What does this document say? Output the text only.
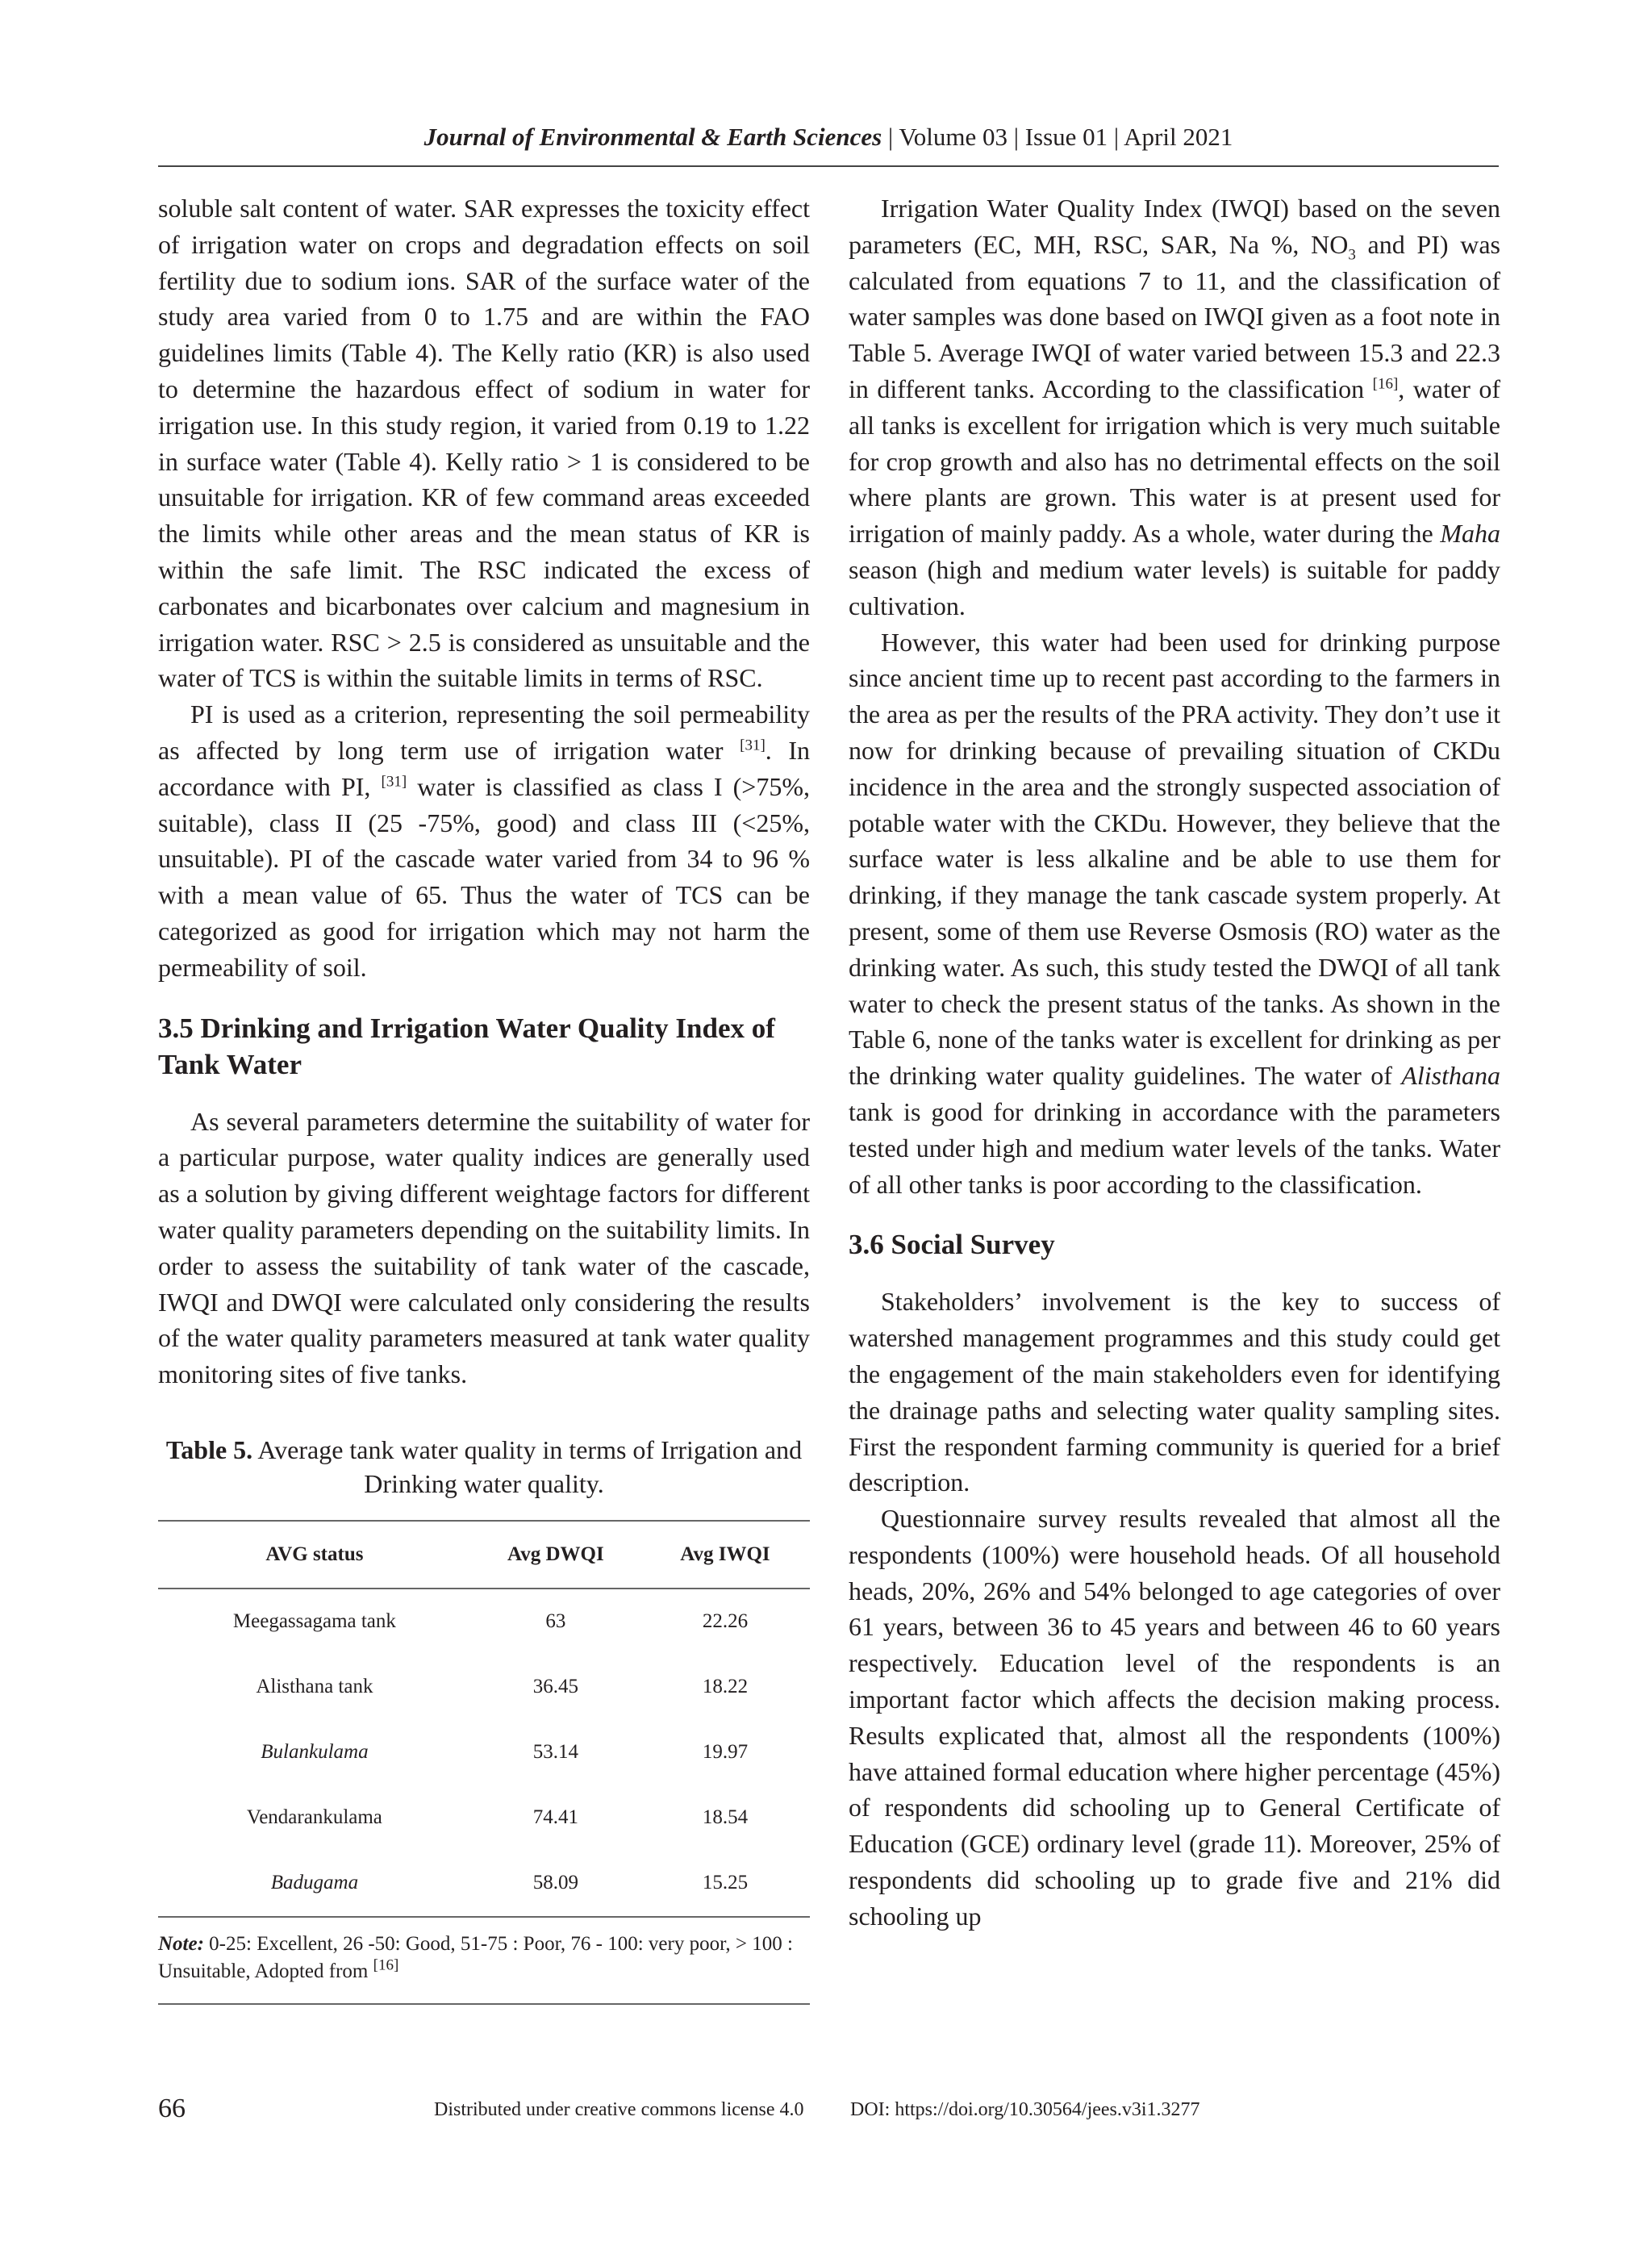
Journal of Environmental & Earth Sciences | Volume 03 | Issue 01 | April 2021

soluble salt content of water. SAR expresses the toxicity effect of irrigation water on crops and degradation effects on soil fertility due to sodium ions. SAR of the surface water of the study area varied from 0 to 1.75 and are within the FAO guidelines limits (Table 4). The Kelly ratio (KR) is also used to determine the hazardous effect of sodium in water for irrigation use. In this study region, it varied from 0.19 to 1.22 in surface water (Table 4). Kelly ratio > 1 is considered to be unsuitable for irrigation. KR of few command areas exceeded the limits while other areas and the mean status of KR is within the safe limit. The RSC indicated the excess of carbonates and bicarbonates over calcium and magnesium in irrigation water. RSC > 2.5 is considered as unsuitable and the water of TCS is within the suitable limits in terms of RSC.

PI is used as a criterion, representing the soil permeability as affected by long term use of irrigation water [31]. In accordance with PI, [31] water is classified as class I (>75%, suitable), class II (25 -75%, good) and class III (<25%, unsuitable). PI of the cascade water varied from 34 to 96 % with a mean value of 65. Thus the water of TCS can be categorized as good for irrigation which may not harm the permeability of soil.

3.5 Drinking and Irrigation Water Quality Index of Tank Water

As several parameters determine the suitability of water for a particular purpose, water quality indices are generally used as a solution by giving different weightage factors for different water quality parameters depending on the suitability limits. In order to assess the suitability of tank water of the cascade, IWQI and DWQI were calculated only considering the results of the water quality parameters measured at tank water quality monitoring sites of five tanks.

Table 5. Average tank water quality in terms of Irrigation and Drinking water quality.
AVG status	Avg DWQI	Avg IWQI
Meegassagama tank	63	22.26
Alisthana tank	36.45	18.22
Bulankulama	53.14	19.97
Vendarankulama	74.41	18.54
Badugama	58.09	15.25
Note: 0-25: Excellent, 26 -50: Good, 51-75 : Poor, 76 - 100: very poor, > 100 : Unsuitable, Adopted from [16]

Irrigation Water Quality Index (IWQI) based on the seven parameters (EC, MH, RSC, SAR, Na %, $NO_3$ and PI) was calculated from equations 7 to 11, and the classification of water samples was done based on IWQI given as a foot note in Table 5. Average IWQI of water varied between 15.3 and 22.3 in different tanks. According to the classification [16], water of all tanks is excellent for irrigation which is very much suitable for crop growth and also has no detrimental effects on the soil where plants are grown. This water is at present used for irrigation of mainly paddy. As a whole, water during the Maha season (high and medium water levels) is suitable for paddy cultivation.

However, this water had been used for drinking purpose since ancient time up to recent past according to the farmers in the area as per the results of the PRA activity. They don’t use it now for drinking because of prevailing situation of CKDu incidence in the area and the strongly suspected association of potable water with the CKDu. However, they believe that the surface water is less alkaline and be able to use them for drinking, if they manage the tank cascade system properly. At present, some of them use Reverse Osmosis (RO) water as the drinking water. As such, this study tested the DWQI of all tank water to check the present status of the tanks. As shown in the Table 6, none of the tanks water is excellent for drinking as per the drinking water quality guidelines. The water of Alisthana tank is good for drinking in accordance with the parameters tested under high and medium water levels of the tanks. Water of all other tanks is poor according to the classification.

3.6 Social Survey

Stakeholders’ involvement is the key to success of watershed management programmes and this study could get the engagement of the main stakeholders even for identifying the drainage paths and selecting water quality sampling sites. First the respondent farming community is queried for a brief description.

Questionnaire survey results revealed that almost all the respondents (100%) were household heads. Of all household heads, 20%, 26% and 54% belonged to age categories of over 61 years, between 36 to 45 years and between 46 to 60 years respectively. Education level of the respondents is an important factor which affects the decision making process. Results explicated that, almost all the respondents (100%) have attained formal education where higher percentage (45%) of respondents did schooling up to General Certificate of Education (GCE) ordinary level (grade 11). Moreover, 25% of respondents did schooling up to grade five and 21% did schooling up

66	Distributed under creative commons license 4.0 DOI: https://doi.org/10.30564/jees.v3i1.3277
